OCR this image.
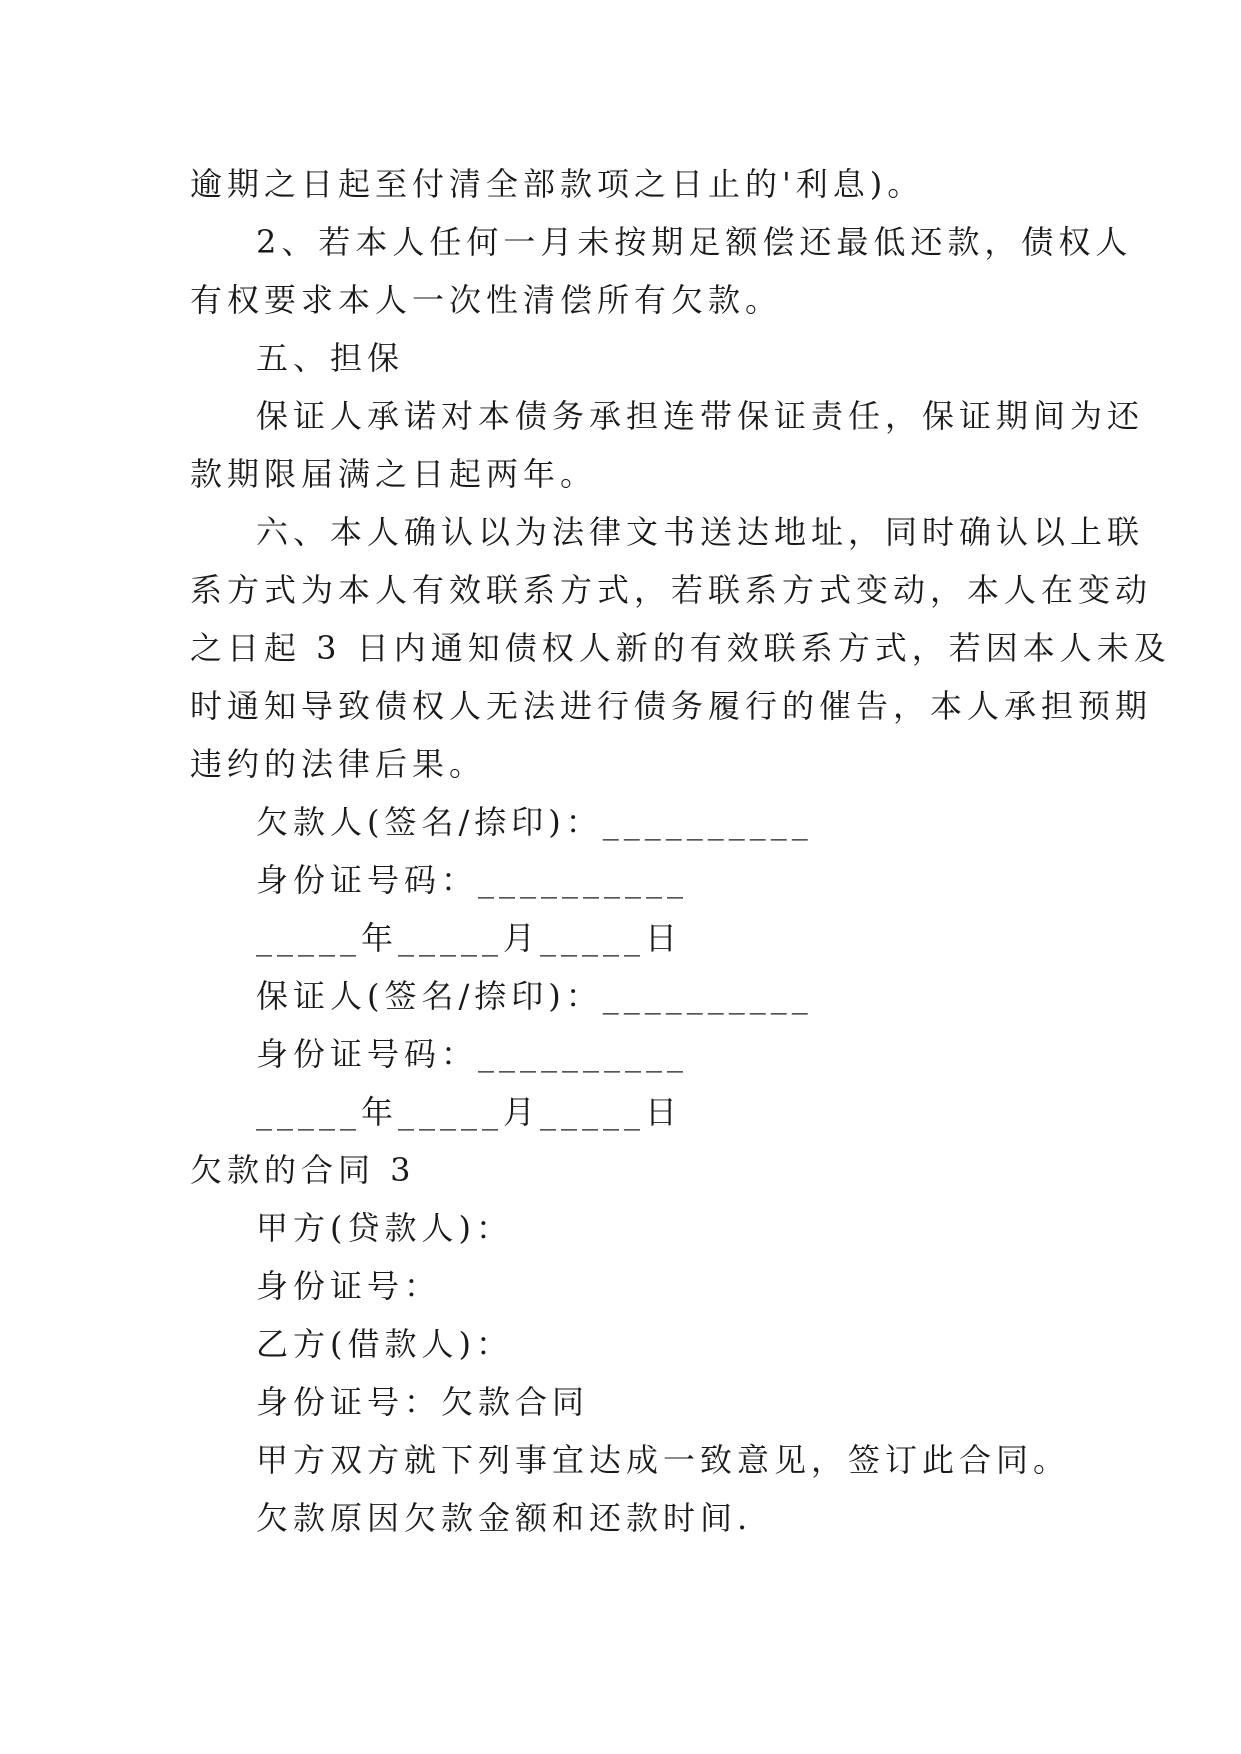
逾期之日起至付清全部款项之日止的'利息)。
2、若本人任何一月未按期足额偿还最低还款，债权人
有权要求本人一次性清偿所有欠款。
五、担保
保证人承诺对本债务承担连带保证责任，保证期间为还
款期限届满之日起两年。
六、本人确认以为法律文书送达地址，同时确认以上联
系方式为本人有效联系方式，若联系方式变动，本人在变动
之日起 3 日内通知债权人新的有效联系方式，若因本人未及
时通知导致债权人无法进行债务履行的催告，本人承担预期
违约的法律后果。
欠款人(签名/捺印)：__________
身份证号码：__________
_____年_____月_____日
保证人(签名/捺印)：__________
身份证号码：__________
_____年_____月_____日
欠款的合同 3
甲方(贷款人)：
身份证号：
乙方(借款人)：
身份证号：欠款合同
甲方双方就下列事宜达成一致意见，签订此合同。
欠款原因欠款金额和还款时间.
